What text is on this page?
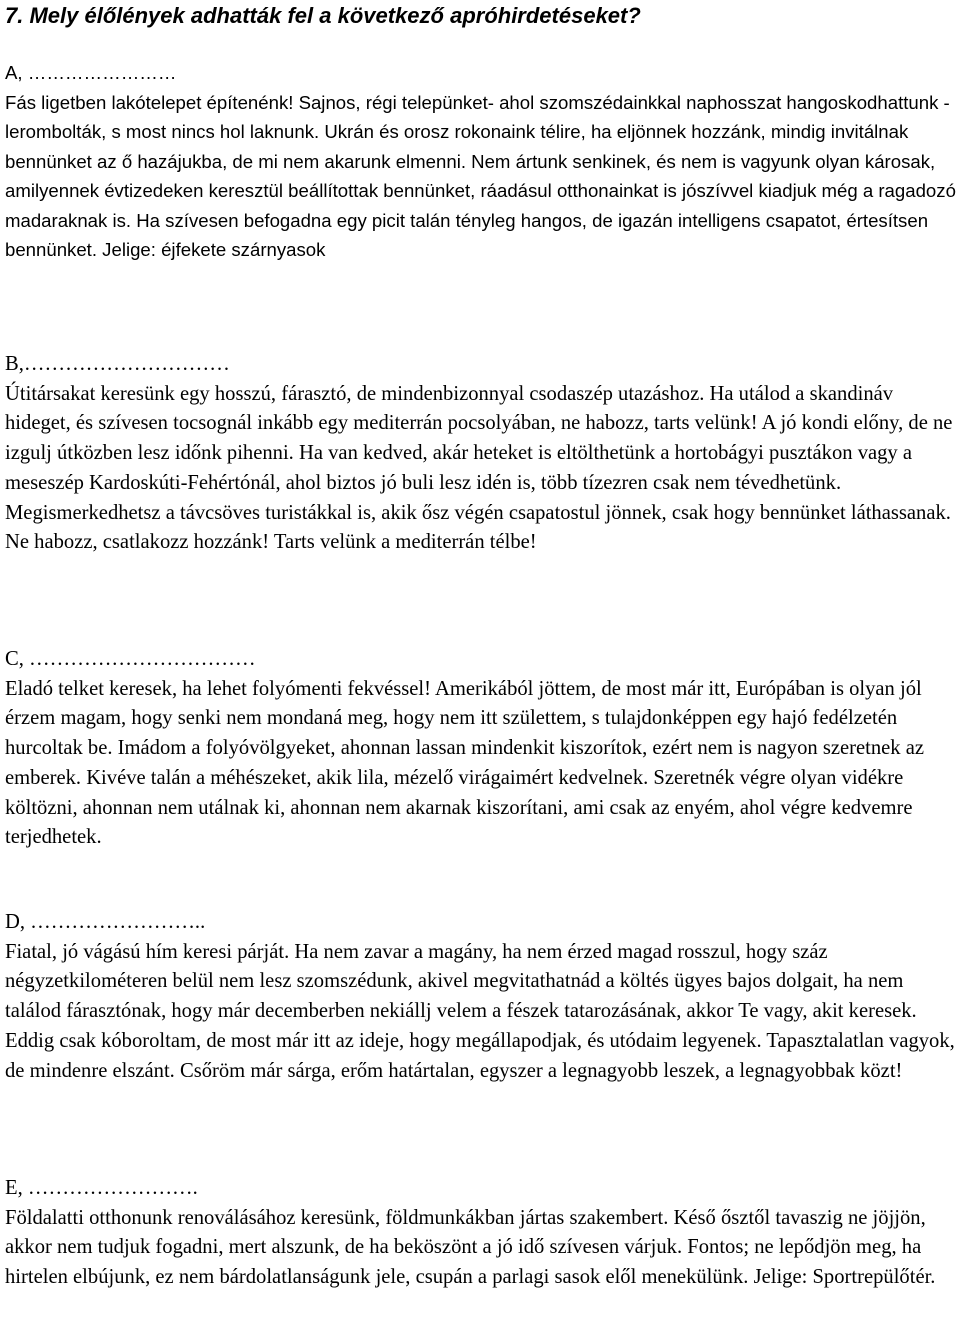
7. Mely élőlények adhatták fel a következő apróhirdetéseket?
A, ……………………

Fás ligetben lakótelepet építenénk! Sajnos, régi telepünket- ahol szomszédainkkal naphosszat hangoskodhattunk - lerombolták, s most nincs hol laknunk. Ukrán és orosz rokonaink télire, ha eljönnek hozzánk, mindig invitálnak bennünket az ő hazájukba, de mi nem akarunk elmenni. Nem ártunk senkinek, és nem is vagyunk olyan károsak, amilyennek évtizedeken keresztül beállítottak bennünket, ráadásul otthonainkat is jószívvel kiadjuk még a ragadozó madaraknak is. Ha szívesen befogadna egy picit talán tényleg hangos, de igazán intelligens csapatot, értesítsen bennünket. Jelige: éjfekete szárnyasok

B,…………………………

Útitársakat keresünk egy hosszú, fárasztó, de mindenbizonnyal csodaszép utazáshoz. Ha utálod a skandináv hideget, és szívesen tocsognál inkább egy mediterrán pocsolyában, ne habozz, tarts velünk! A jó kondi előny, de ne izgulj útközben lesz időnk pihenni. Ha van kedved, akár heteket is eltölthetünk a hortobágyi pusztákon vagy a meseszép Kardoskúti-Fehértónál, ahol biztos jó buli lesz idén is, több tízezren csak nem tévedhetünk. Megismerkedhetsz a távcsöves turistákkal is, akik ősz végén csapatostul jönnek, csak hogy bennünket láthassanak. Ne habozz, csatlakozz hozzánk! Tarts velünk a mediterrán télbe!

C, ……………………………

Eladó telket keresek, ha lehet folyómenti fekvéssel! Amerikából jöttem, de most már itt, Európában is olyan jól érzem magam, hogy senki nem mondaná meg, hogy nem itt születtem, s tulajdonképpen egy hajó fedélzetén hurcoltak be. Imádom a folyóvölgyeket, ahonnan lassan mindenkit kiszorítok, ezért nem is nagyon szeretnek az emberek. Kivéve talán a méhészeket, akik lila, mézelő virágaimért kedvelnek. Szeretnék végre olyan vidékre költözni, ahonnan nem utálnak ki, ahonnan nem akarnak kiszorítani, ami csak az enyém, ahol végre kedvemre terjedhetek.

D, ……………………..

Fiatal, jó vágású hím keresi párját. Ha nem zavar a magány, ha nem érzed magad rosszul, hogy száz négyzetkilométeren belül nem lesz szomszédunk, akivel megvitathatnád a költés ügyes bajos dolgait, ha nem találod fárasztónak, hogy már decemberben nekiállj velem a fészek tatarozásának, akkor Te vagy, akit keresek. Eddig csak kóboroltam, de most már itt az ideje, hogy megállapodjak, és utódaim legyenek. Tapasztalatlan vagyok, de mindenre elszánt. Csőröm már sárga, erőm határtalan, egyszer a legnagyobb leszek, a legnagyobbak közt!

E, …………………….

Földalatti otthonunk renoválásához keresünk, földmunkákban jártas szakembert. Késő ősztől tavaszig ne jöjjön, akkor nem tudjuk fogadni, mert alszunk, de ha beköszönt a jó idő szívesen várjuk. Fontos; ne lepődjön meg, ha hirtelen elbújunk, ez nem bárdolatlanságunk jele, csupán a parlagi sasok elől menekülünk. Jelige: Sportrepülőtér.
